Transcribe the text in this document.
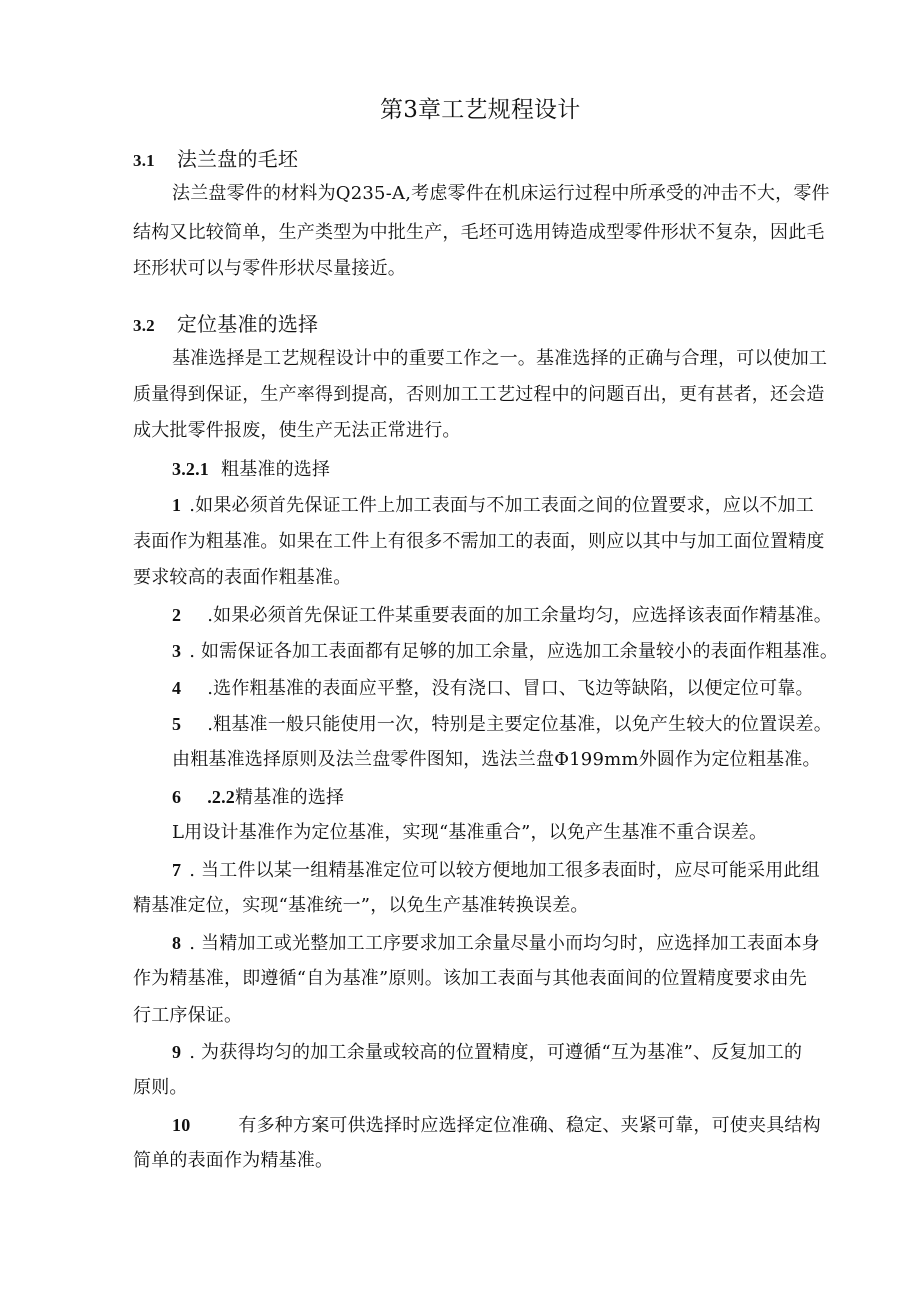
第3章工艺规程设计
3.1 法兰盘的毛坯
法兰盘零件的材料为Q235-A,考虑零件在机床运行过程中所承受的冲击不大，零件
结构又比较简单，生产类型为中批生产，毛坯可选用铸造成型零件形状不复杂，因此毛
坯形状可以与零件形状尽量接近。
3.2 定位基准的选择
基准选择是工艺规程设计中的重要工作之一。基准选择的正确与合理，可以使加工
质量得到保证，生产率得到提高，否则加工工艺过程中的问题百出，更有甚者，还会造
成大批零件报废，使生产无法正常进行。
3.2.1 粗基准的选择
1 .如果必须首先保证工件上加工表面与不加工表面之间的位置要求，应以不加工
表面作为粗基准。如果在工件上有很多不需加工的表面，则应以其中与加工面位置精度
要求较高的表面作粗基准。
2 .如果必须首先保证工件某重要表面的加工余量均匀，应选择该表面作精基准。
3 . 如需保证各加工表面都有足够的加工余量，应选加工余量较小的表面作粗基准。
4 .选作粗基准的表面应平整，没有浇口、冒口、飞边等缺陷，以便定位可靠。
5 .粗基准一般只能使用一次，特别是主要定位基准，以免产生较大的位置误差。
由粗基准选择原则及法兰盘零件图知，选法兰盘Φ199mm外圆作为定位粗基准。
6 .2.2精基准的选择
L用设计基准作为定位基准，实现“基准重合”，以免产生基准不重合误差。
7 . 当工件以某一组精基准定位可以较方便地加工很多表面时，应尽可能采用此组
精基准定位，实现“基准统一”，以免生产基准转换误差。
8 . 当精加工或光整加工工序要求加工余量尽量小而均匀时，应选择加工表面本身
作为精基准，即遵循“自为基准”原则。该加工表面与其他表面间的位置精度要求由先
行工序保证。
9 . 为获得均匀的加工余量或较高的位置精度，可遵循“互为基准”、反复加工的
原则。
10	有多种方案可供选择时应选择定位准确、稳定、夹紧可靠，可使夹具结构
简单的表面作为精基准。
